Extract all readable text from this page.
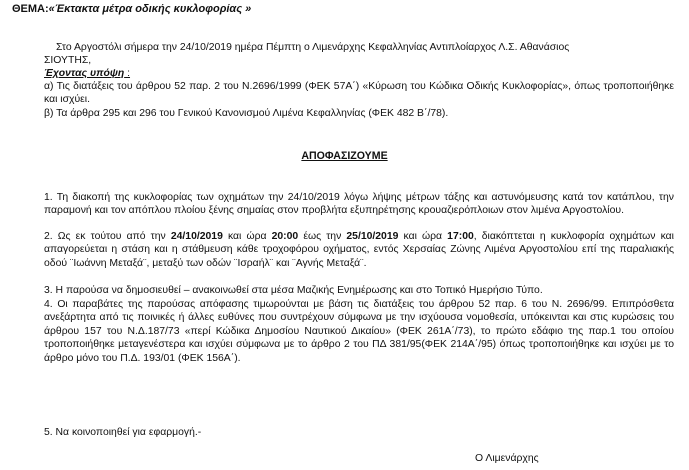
ΘΕΜΑ:«Έκτακτα μέτρα οδικής κυκλοφορίας »
Στο Αργοστόλι σήμερα την 24/10/2019 ημέρα Πέμπτη ο Λιμενάρχης Κεφαλληνίας Αντιπλοίαρχος Λ.Σ. Αθανάσιος
ΣΙΟΥΤΗΣ,
Έχοντας υπόψη :
α) Τις διατάξεις του άρθρου 52 παρ. 2 του Ν.2696/1999 (ΦΕΚ 57Α΄) «Κύρωση του Κώδικα Οδικής Κυκλοφορίας», όπως τροποποιήθηκε και ισχύει.
β) Τα άρθρα 295 και 296 του Γενικού Κανονισμού Λιμένα Κεφαλληνίας (ΦΕΚ 482 Β΄/78).
ΑΠΟΦΑΣΙΖΟΥΜΕ
1. Τη διακοπή της κυκλοφορίας των οχημάτων την 24/10/2019 λόγω λήψης μέτρων τάξης και αστυνόμευσης κατά τον κατάπλου, την παραμονή και τον απόπλου πλοίου ξένης σημαίας στον προβλήτα εξυπηρέτησης κρουαζιερόπλοιων στον λιμένα Αργοστολίου.
2. Ως εκ τούτου από την 24/10/2019 και ώρα 20:00 έως την 25/10/2019 και ώρα 17:00, διακόπτεται η κυκλοφορία οχημάτων και απαγορεύεται η στάση και η στάθμευση κάθε τροχοφόρου οχήματος, εντός Χερσαίας Ζώνης Λιμένα Αργοστολίου επί της παραλιακής οδού ¨Ιωάννη Μεταξά¨, μεταξύ των οδών ¨Ισραήλ¨ και ¨Αγνής Μεταξά¨.
3. Η παρούσα να δημοσιευθεί – ανακοινωθεί στα μέσα Μαζικής Ενημέρωσης και στο Τοπικό Ημερήσιο Τύπο.
4. Οι παραβάτες της παρούσας απόφασης τιμωρούνται με βάση τις διατάξεις του άρθρου 52 παρ. 6 του Ν. 2696/99. Επιπρόσθετα ανεξάρτητα από τις ποινικές ή άλλες ευθύνες που συντρέχουν σύμφωνα με την ισχύουσα νομοθεσία, υπόκεινται και στις κυρώσεις του άρθρου 157 του Ν.Δ.187/73 «περί Κώδικα Δημοσίου Ναυτικού Δικαίου» (ΦΕΚ 261Α΄/73), το πρώτο εδάφιο της παρ.1 του οποίου τροποποιήθηκε μεταγενέστερα και ισχύει σύμφωνα με το άρθρο 2 του ΠΔ 381/95(ΦΕΚ 214Α΄/95) όπως τροποποιήθηκε και ισχύει με το άρθρο μόνο του Π.Δ. 193/01 (ΦΕΚ 156Α΄).
5. Να κοινοποιηθεί για εφαρμογή.-
Ο Λιμενάρχης
